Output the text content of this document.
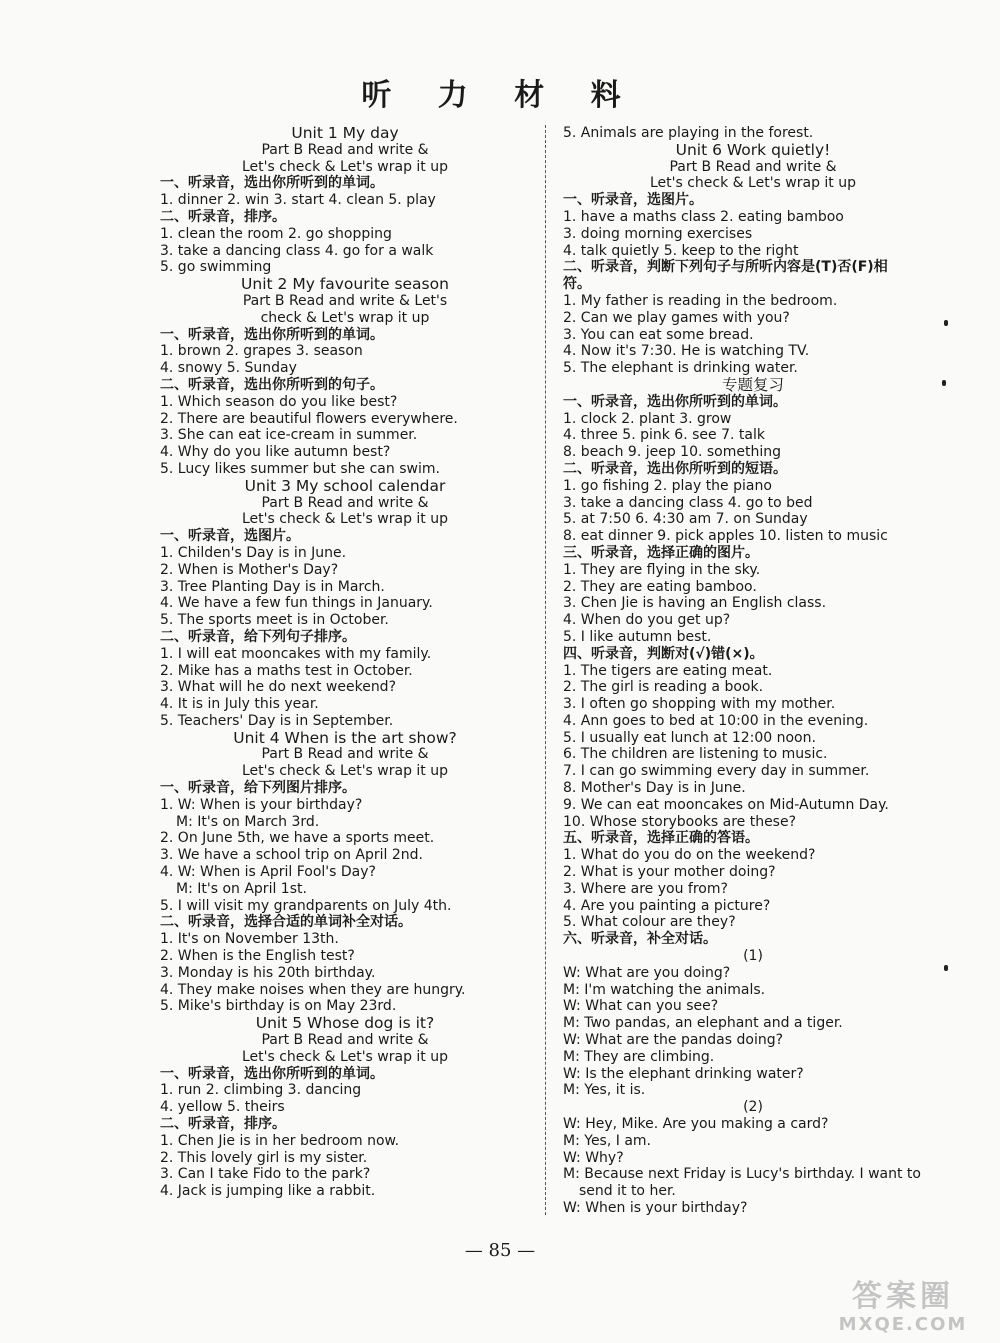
听 力 材 料
Unit 1 My day
Part B Read and write &
Let's check & Let's wrap it up
一、听录音，选出你所听到的单词。
1. dinner 2. win 3. start 4. clean 5. play
二、听录音，排序。
1. clean the room 2. go shopping
3. take a dancing class 4. go for a walk
5. go swimming
Unit 2 My favourite season
Part B Read and write & Let's
check & Let's wrap it up
一、听录音，选出你所听到的单词。
1. brown 2. grapes 3. season
4. snowy 5. Sunday
二、听录音，选出你所听到的句子。
1. Which season do you like best?
2. There are beautiful flowers everywhere.
3. She can eat ice-cream in summer.
4. Why do you like autumn best?
5. Lucy likes summer but she can swim.
Unit 3 My school calendar
Part B Read and write &
Let's check & Let's wrap it up
一、听录音，选图片。
1. Childen's Day is in June.
2. When is Mother's Day?
3. Tree Planting Day is in March.
4. We have a few fun things in January.
5. The sports meet is in October.
二、听录音，给下列句子排序。
1. I will eat mooncakes with my family.
2. Mike has a maths test in October.
3. What will he do next weekend?
4. It is in July this year.
5. Teachers' Day is in September.
Unit 4 When is the art show?
Part B Read and write &
Let's check & Let's wrap it up
一、听录音，给下列图片排序。
1. W: When is your birthday?
M: It's on March 3rd.
2. On June 5th, we have a sports meet.
3. We have a school trip on April 2nd.
4. W: When is April Fool's Day?
M: It's on April 1st.
5. I will visit my grandparents on July 4th.
二、听录音，选择合适的单词补全对话。
1. It's on November 13th.
2. When is the English test?
3. Monday is his 20th birthday.
4. They make noises when they are hungry.
5. Mike's birthday is on May 23rd.
Unit 5 Whose dog is it?
Part B Read and write &
Let's check & Let's wrap it up
一、听录音，选出你所听到的单词。
1. run 2. climbing 3. dancing
4. yellow 5. theirs
二、听录音，排序。
1. Chen Jie is in her bedroom now.
2. This lovely girl is my sister.
3. Can I take Fido to the park?
4. Jack is jumping like a rabbit.
5. Animals are playing in the forest.
Unit 6 Work quietly!
Part B Read and write &
Let's check & Let's wrap it up
一、听录音，选图片。
1. have a maths class 2. eating bamboo
3. doing morning exercises
4. talk quietly 5. keep to the right
二、听录音，判断下列句子与所听内容是(T)否(F)相
符。
1. My father is reading in the bedroom.
2. Can we play games with you?
3. You can eat some bread.
4. Now it's 7:30. He is watching TV.
5. The elephant is drinking water.
专题复习
一、听录音，选出你所听到的单词。
1. clock 2. plant 3. grow
4. three 5. pink 6. see 7. talk
8. beach 9. jeep 10. something
二、听录音，选出你所听到的短语。
1. go fishing 2. play the piano
3. take a dancing class 4. go to bed
5. at 7:50 6. 4:30 am 7. on Sunday
8. eat dinner 9. pick apples 10. listen to music
三、听录音，选择正确的图片。
1. They are flying in the sky.
2. They are eating bamboo.
3. Chen Jie is having an English class.
4. When do you get up?
5. I like autumn best.
四、听录音，判断对(√)错(×)。
1. The tigers are eating meat.
2. The girl is reading a book.
3. I often go shopping with my mother.
4. Ann goes to bed at 10:00 in the evening.
5. I usually eat lunch at 12:00 noon.
6. The children are listening to music.
7. I can go swimming every day in summer.
8. Mother's Day is in June.
9. We can eat mooncakes on Mid-Autumn Day.
10. Whose storybooks are these?
五、听录音，选择正确的答语。
1. What do you do on the weekend?
2. What is your mother doing?
3. Where are you from?
4. Are you painting a picture?
5. What colour are they?
六、听录音，补全对话。
(1)
W: What are you doing?
M: I'm watching the animals.
W: What can you see?
M: Two pandas, an elephant and a tiger.
W: What are the pandas doing?
M: They are climbing.
W: Is the elephant drinking water?
M: Yes, it is.
(2)
W: Hey, Mike. Are you making a card?
M: Yes, I am.
W: Why?
M: Because next Friday is Lucy's birthday. I want to
send it to her.
W: When is your birthday?
— 85 —
答案圈
MXQE.COM
